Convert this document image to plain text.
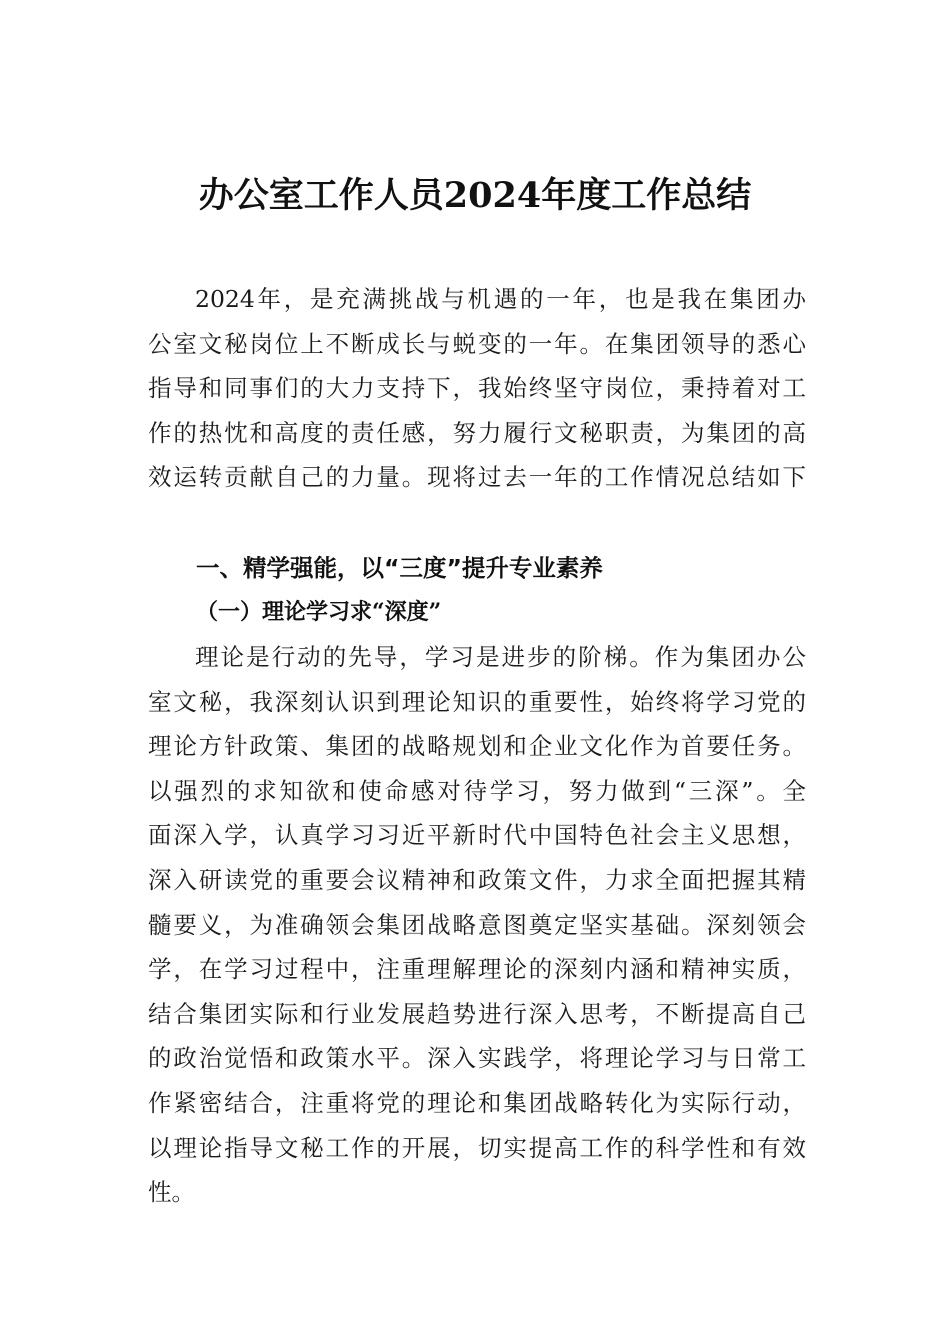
办公室工作人员2024年度工作总结

2024年，是充满挑战与机遇的一年，也是我在集团办

公室文秘岗位上不断成长与蜕变的一年。在集团领导的悉心

指导和同事们的大力支持下，我始终坚守岗位，秉持着对工

作的热忱和高度的责任感，努力履行文秘职责，为集团的高

效运转贡献自己的力量。现将过去一年的工作情况总结如下

一、精学强能，以“三度”提升专业素养
（一）理论学习求“深度”

理论是行动的先导，学习是进步的阶梯。作为集团办公

室文秘，我深刻认识到理论知识的重要性，始终将学习党的

理论方针政策、集团的战略规划和企业文化作为首要任务。

以强烈的求知欲和使命感对待学习，努力做到“三深”。全

面深入学，认真学习习近平新时代中国特色社会主义思想，

深入研读党的重要会议精神和政策文件，力求全面把握其精

髓要义，为准确领会集团战略意图奠定坚实基础。深刻领会

学，在学习过程中，注重理解理论的深刻内涵和精神实质，

结合集团实际和行业发展趋势进行深入思考，不断提高自己

的政治觉悟和政策水平。深入实践学，将理论学习与日常工

作紧密结合，注重将党的理论和集团战略转化为实际行动，

以理论指导文秘工作的开展，切实提高工作的科学性和有效

性。
